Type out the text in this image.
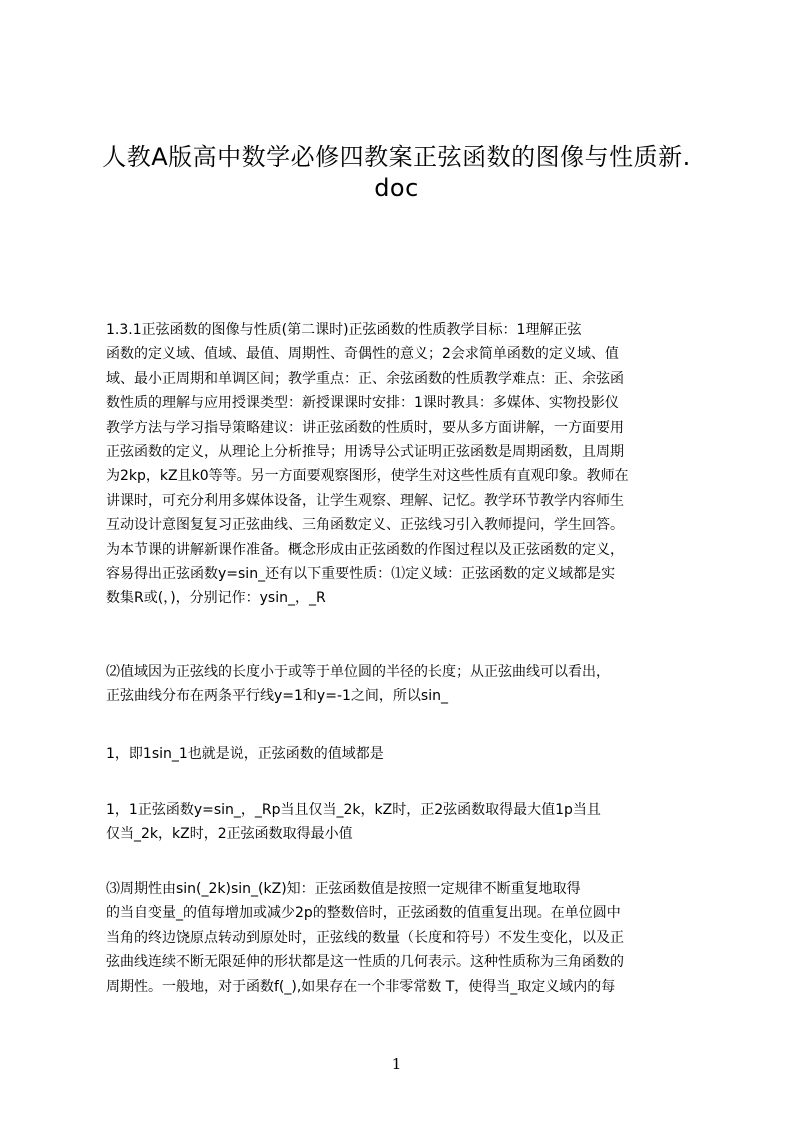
人教A版高中数学必修四教案正弦函数的图像与性质新.
doc
1.3.1正弦函数的图像与性质(第二课时)正弦函数的性质教学目标：1理解正弦
函数的定义域、值域、最值、周期性、奇偶性的意义；2会求简单函数的定义域、值
域、最小正周期和单调区间；教学重点：正、余弦函数的性质教学难点：正、余弦函
数性质的理解与应用授课类型：新授课课时安排：1课时教具：多媒体、实物投影仪
教学方法与学习指导策略建议：讲正弦函数的性质时，要从多方面讲解，一方面要用
正弦函数的定义，从理论上分析推导；用诱导公式证明正弦函数是周期函数，且周期
为2kp，kZ且k0等等。另一方面要观察图形，使学生对这些性质有直观印象。教师在
讲课时，可充分利用多媒体设备，让学生观察、理解、记忆。教学环节教学内容师生
互动设计意图复复习正弦曲线、三角函数定义、正弦线习引入教师提问，学生回答。
为本节课的讲解新课作准备。概念形成由正弦函数的作图过程以及正弦函数的定义，
容易得出正弦函数y=sin_还有以下重要性质：⑴定义域：正弦函数的定义域都是实
数集R或(，)，分别记作：ysin_，_R
⑵值域因为正弦线的长度小于或等于单位圆的半径的长度；从正弦曲线可以看出，
正弦曲线分布在两条平行线y=1和y=-1之间，所以sin_
1，即1sin_1也就是说，正弦函数的值域都是
1，1正弦函数y=sin_，_Rp当且仅当_2k，kZ时，正2弦函数取得最大值1p当且
仅当_2k，kZ时，2正弦函数取得最小值
⑶周期性由sin(_2k)sin_(kZ)知：正弦函数值是按照一定规律不断重复地取得
的当自变量_的值每增加或减少2p的整数倍时，正弦函数的值重复出现。在单位圆中
当角的终边饶原点转动到原处时，正弦线的数量（长度和符号）不发生变化，以及正
弦曲线连续不断无限延伸的形状都是这一性质的几何表示。这种性质称为三角函数的
周期性。一般地，对于函数f(_),如果存在一个非零常数 T，使得当_取定义域内的每
1
